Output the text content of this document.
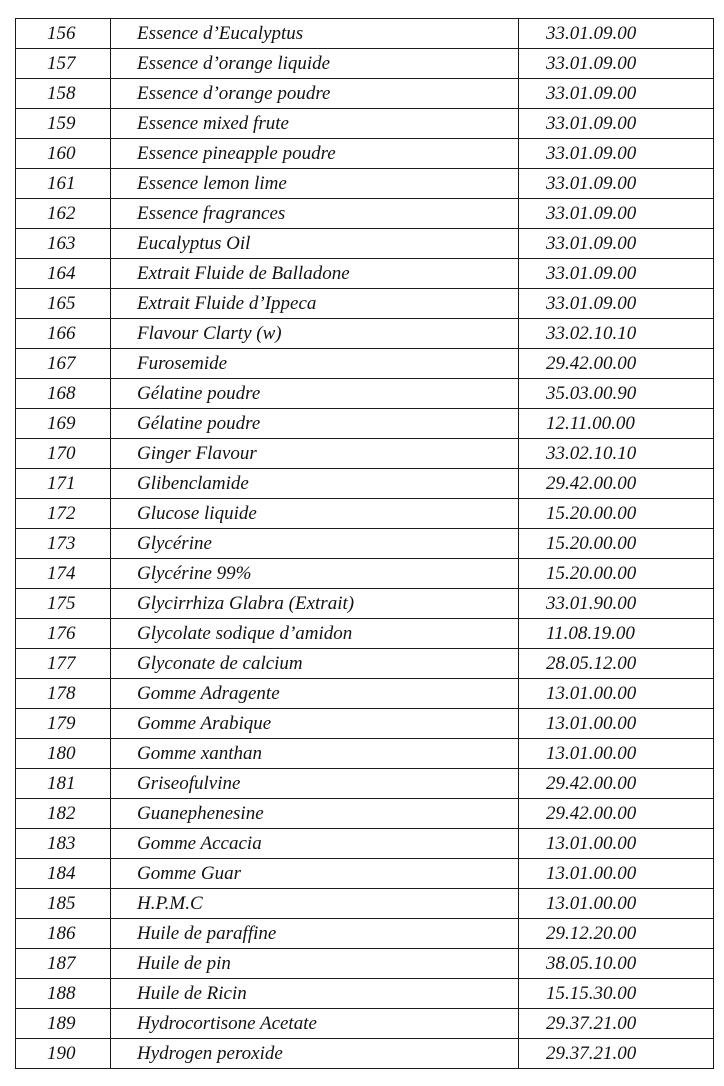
156	Essence d’Eucalyptus	33.01.09.00
157	Essence d’orange liquide	33.01.09.00
158	Essence d’orange poudre	33.01.09.00
159	Essence mixed frute	33.01.09.00
160	Essence pineapple poudre	33.01.09.00
161	Essence lemon lime	33.01.09.00
162	Essence fragrances	33.01.09.00
163	Eucalyptus Oil	33.01.09.00
164	Extrait Fluide de Balladone	33.01.09.00
165	Extrait Fluide d’Ippeca	33.01.09.00
166	Flavour Clarty (w)	33.02.10.10
167	Furosemide	29.42.00.00
168	Gélatine poudre	35.03.00.90
169	Gélatine poudre	12.11.00.00
170	Ginger Flavour	33.02.10.10
171	Glibenclamide	29.42.00.00
172	Glucose liquide	15.20.00.00
173	Glycérine	15.20.00.00
174	Glycérine 99%	15.20.00.00
175	Glycirrhiza Glabra (Extrait)	33.01.90.00
176	Glycolate sodique d’amidon	11.08.19.00
177	Glyconate de calcium	28.05.12.00
178	Gomme Adragente	13.01.00.00
179	Gomme Arabique	13.01.00.00
180	Gomme xanthan	13.01.00.00
181	Griseofulvine	29.42.00.00
182	Guanephenesine	29.42.00.00
183	Gomme Accacia	13.01.00.00
184	Gomme Guar	13.01.00.00
185	H.P.M.C	13.01.00.00
186	Huile de paraffine	29.12.20.00
187	Huile de pin	38.05.10.00
188	Huile de Ricin	15.15.30.00
189	Hydrocortisone Acetate	29.37.21.00
190	Hydrogen peroxide	29.37.21.00
